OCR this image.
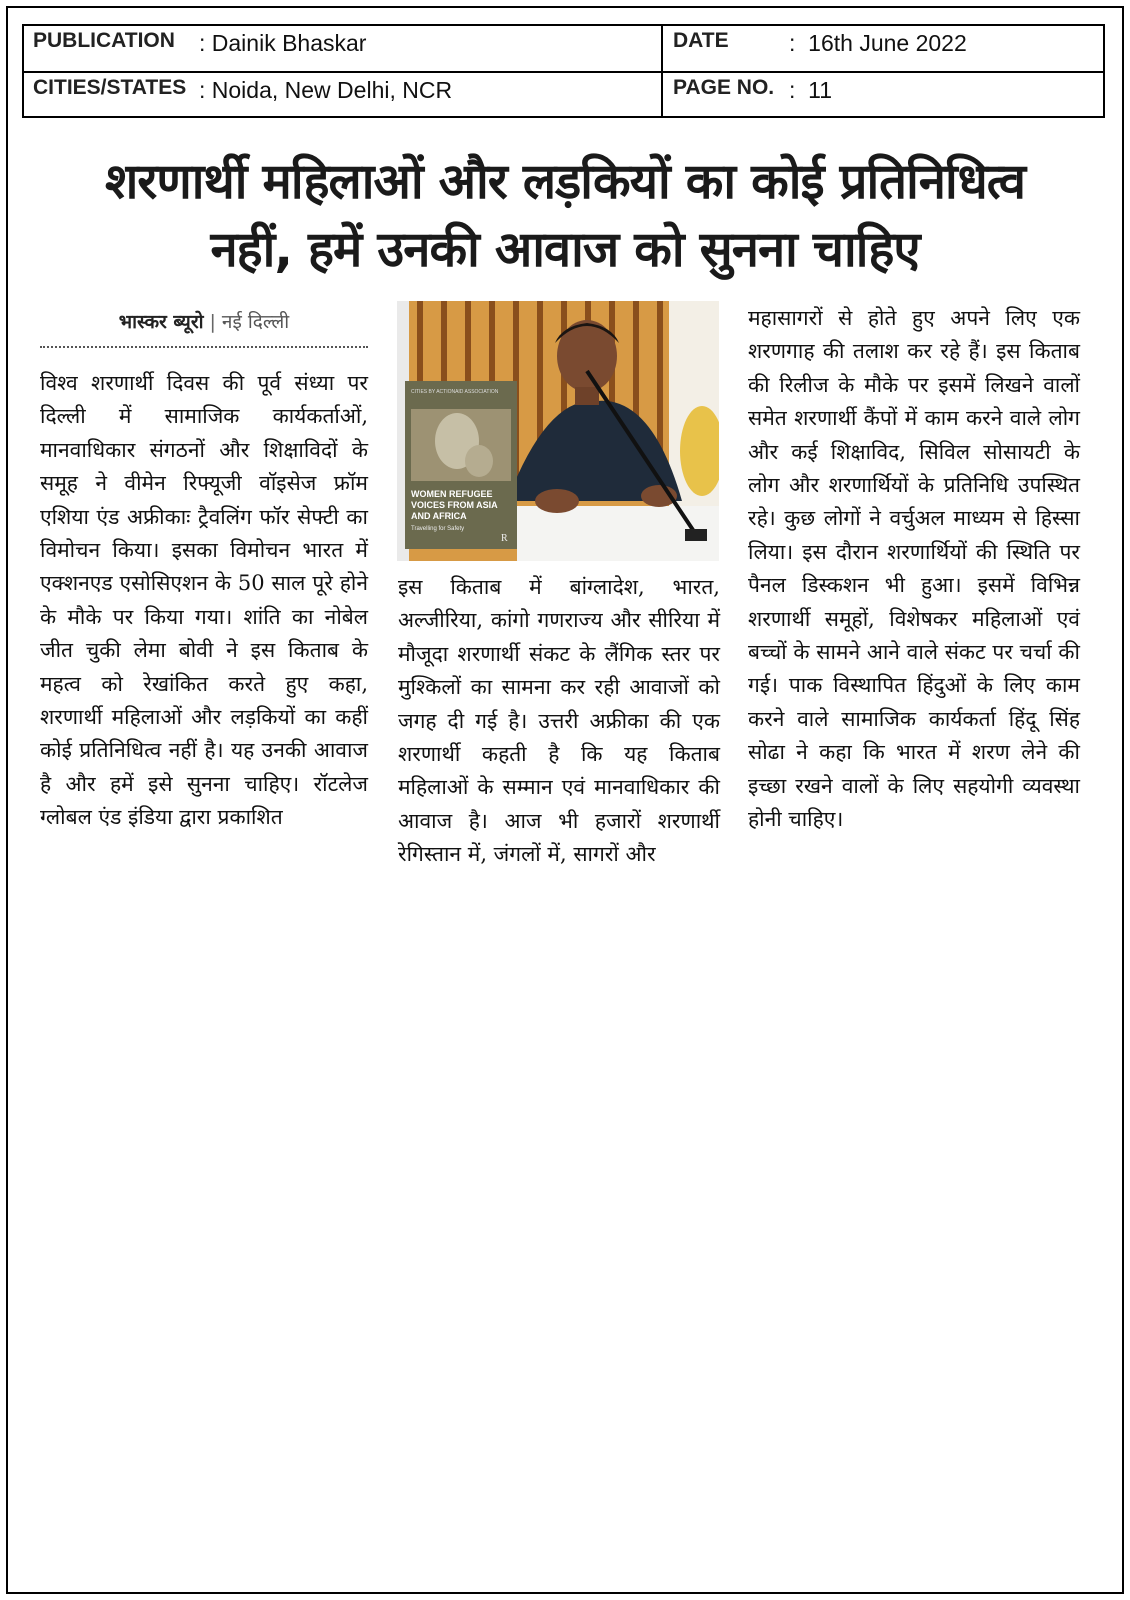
PUBLICATION : Dainik Bhaskar	DATE	:  16th June 2022
CITIES/STATES : Noida, New Delhi, NCR	PAGE NO. :  11
शरणार्थी महिलाओं और लड़कियों का कोई प्रतिनिधित्व
नहीं, हमें उनकी आवाज को सुनना चाहिए
भास्कर ब्यूरो | नई दिल्ली
विश्व शरणार्थी दिवस की पूर्व संध्या पर दिल्ली में सामाजिक कार्यकर्ताओं, मानवाधिकार संगठनों और शिक्षाविदों के समूह ने वीमेन रिफ्यूजी वॉइसेज फ्रॉम एशिया एंड अफ्रीकाः ट्रैवलिंग फॉर सेफ्टी का विमोचन किया। इसका विमोचन भारत में एक्शनएड एसोसिएशन के 50 साल पूरे होने के मौके पर किया गया। शांति का नोबेल जीत चुकी लेमा बोवी ने इस किताब के महत्व को रेखांकित करते हुए कहा, शरणार्थी महिलाओं और लड़कियों का कहीं कोई प्रतिनिधित्व नहीं है। यह उनकी आवाज है और हमें इसे सुनना चाहिए। रॉटलेज ग्लोबल एंड इंडिया द्वारा प्रकाशित
इस किताब में बांग्लादेश, भारत, अल्जीरिया, कांगो गणराज्य और सीरिया में मौजूदा शरणार्थी संकट के लैंगिक स्तर पर मुश्किलों का सामना कर रही आवाजों को जगह दी गई है। उत्तरी अफ्रीका की एक शरणार्थी कहती है कि यह किताब महिलाओं के सम्मान एवं मानवाधिकार की आवाज है। आज भी हजारों शरणार्थी रेगिस्तान में, जंगलों में, सागरों और
महासागरों से होते हुए अपने लिए एक शरणगाह की तलाश कर रहे हैं। इस किताब की रिलीज के मौके पर इसमें लिखने वालों समेत शरणार्थी कैंपों में काम करने वाले लोग और कई शिक्षाविद, सिविल सोसायटी के लोग और शरणार्थियों के प्रतिनिधि उपस्थित रहे। कुछ लोगों ने वर्चुअल माध्यम से हिस्सा लिया। इस दौरान शरणार्थियों की स्थिति पर पैनल डिस्कशन भी हुआ। इसमें विभिन्न शरणार्थी समूहों, विशेषकर महिलाओं एवं बच्चों के सामने आने वाले संकट पर चर्चा की गई। पाक विस्थापित हिंदुओं के लिए काम करने वाले सामाजिक कार्यकर्ता हिंदू सिंह सोढा ने कहा कि भारत में शरण लेने की इच्छा रखने वालों के लिए सहयोगी व्यवस्था होनी चाहिए।
CITIES BY ACTIONAID ASSOCIATION
WOMEN REFUGEE
VOICES FROM ASIA
AND AFRICA
Travelling for Safety
R
